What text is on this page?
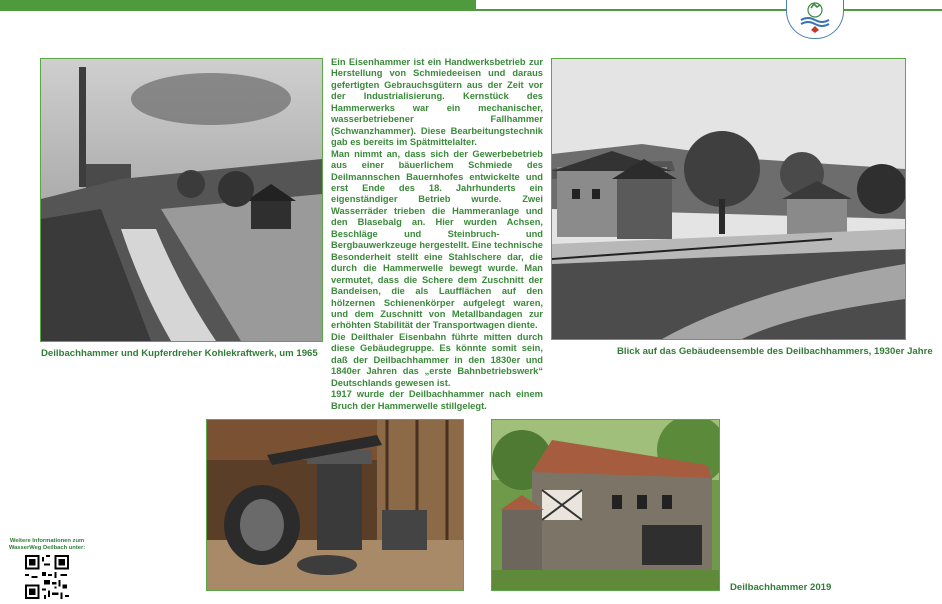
Deilbachhammer und Kupferdreher Kohlekraftwerk, um 1965

Ein Eisenhammer ist ein Handwerksbetrieb zur Herstellung von Schmiedeeisen und daraus gefertigten Gebrauchsgütern aus der Zeit vor der Industrialisierung. Kernstück des Hammerwerks war ein mechanischer, wasserbetriebener Fallhammer (Schwanzhammer). Diese Bearbeitungstechnik gab es bereits im Spätmittelalter.

Man nimmt an, dass sich der Gewerbebetrieb aus einer bäuerlichem Schmiede des Deilmannschen Bauernhofes entwickelte und erst Ende des 18. Jahrhunderts ein eigenständiger Betrieb wurde. Zwei Wasserräder trieben die Hammeranlage und den Blasebalg an. Hier wurden Achsen, Beschläge und Steinbruch- und Bergbauwerkzeuge hergestellt. Eine technische Besonderheit stellt eine Stahlschere dar, die durch die Hammerwelle bewegt wurde. Man vermutet, dass die Schere dem Zuschnitt der Bandeisen, die als Laufflächen auf den hölzernen Schienenkörper aufgelegt waren, und dem Zuschnitt von Metallbandagen zur erhöhten Stabilität der Transportwagen diente.

Die Deilthaler Eisenbahn führte mitten durch diese Gebäudegruppe. Es könnte somit sein, daß der Deilbachhammer in den 1830er und 1840er Jahren das „erste Bahnbetriebswerk“ Deutschlands gewesen ist.

1917 wurde der Deilbachhammer nach einem Bruch der Hammerwelle stillgelegt.

Blick auf das Gebäudeensemble des Deilbachhammers, 1930er Jahre
Deilbachhammer 2019
Weitere Informationen zum WasserWeg Deilbach unter:
